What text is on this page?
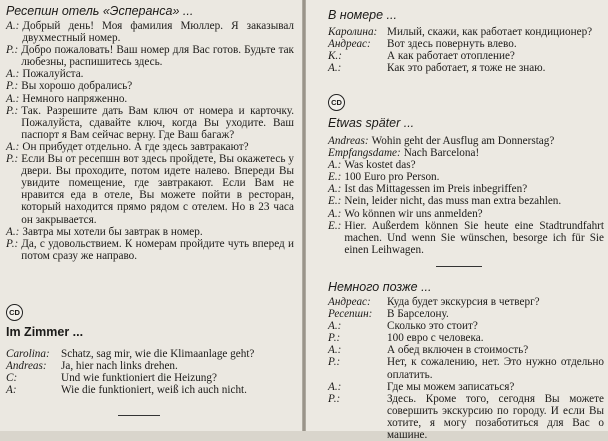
Ресепшн отель «Эсперанса» ...
А.: Добрый день! Моя фамилия Мюллер. Я заказывал двухместный номер.
Р.: Добро пожаловать! Ваш номер для Вас готов. Будьте так любезны, распишитесь здесь.
А.: Пожалуйста.
Р.: Вы хорошо добрались?
А.: Немного напряженно.
Р.: Так. Разрешите дать Вам ключ от номера и карточку. Пожалуйста, сдавайте ключ, когда Вы уходите. Ваш паспорт я Вам сейчас верну. Где Ваш багаж?
А.: Он прибудет отдельно. А где здесь завтракают?
Р.: Если Вы от ресепшн вот здесь пройдете, Вы окажетесь у двери. Вы проходите, потом идете налево. Впереди Вы увидите помещение, где завтракают. Если Вам не нравится еда в отеле, Вы можете пойти в ресторан, который находится прямо рядом с отелем. Но в 23 часа он закрывается.
А.: Завтра мы хотели бы завтрак в номер.
Р.: Да, с удовольствием. К номерам пройдите чуть вперед и потом сразу же направо.
CD
Im Zimmer ...
Carolina:	Schatz, sag mir, wie die Klimaanlage geht?
Andreas:	Ja, hier nach links drehen.
C:	Und wie funktioniert die Heizung?
A:	Wie die funktioniert, weiß ich auch nicht.
В номере ...
Каролина: Милый, скажи, как работает кондиционер?
Андреас:	Вот здесь повернуть влево.
К.:	А как работает отопление?
А.:	Как это работает, я тоже не знаю.
CD
Etwas später ...
Andreas: Wohin geht der Ausflug am Donnerstag?
Empfangsdame: Nach Barcelona!
A.: Was kostet das?
E.: 100 Euro pro Person.
A.: Ist das Mittagessen im Preis inbegriffen?
E.: Nein, leider nicht, das muss man extra bezahlen.
A.: Wo können wir uns anmelden?
E.: Hier. Außerdem können Sie heute eine Stadtrundfahrt machen. Und wenn Sie wünschen, besorge ich für Sie einen Leihwagen.
Немного позже ...
Андреас:	Куда будет экскурсия в четверг?
Ресепшн:	В Барселону.
А.:	Сколько это стоит?
Р.:	100 евро с человека.
А.:	А обед включен в стоимость?
Р.:	Нет, к сожалению, нет. Это нужно отдельно оплатить.
А.:	Где мы можем записаться?
Р.:	Здесь. Кроме того, сегодня Вы можете совершить экскурсию по городу. И если Вы хотите, я могу позаботиться для Вас о машине.
